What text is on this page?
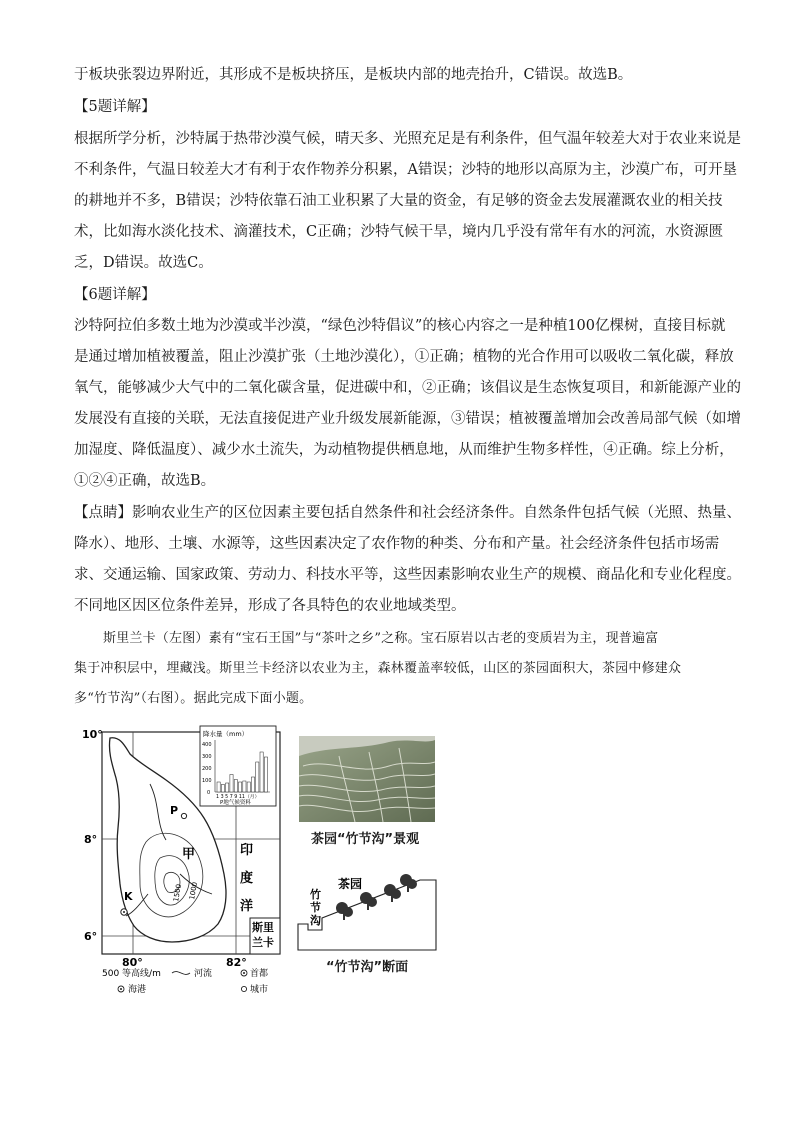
于板块张裂边界附近，其形成不是板块挤压，是板块内部的地壳抬升，C错误。故选B。
【5题详解】
根据所学分析，沙特属于热带沙漠气候，晴天多、光照充足是有利条件，但气温年较差大对于农业来说是
不利条件，气温日较差大才有利于农作物养分积累，A错误；沙特的地形以高原为主，沙漠广布，可开垦
的耕地并不多，B错误；沙特依靠石油工业积累了大量的资金，有足够的资金去发展灌溉农业的相关技
术，比如海水淡化技术、滴灌技术，C正确；沙特气候干旱，境内几乎没有常年有水的河流，水资源匮
乏，D错误。故选C。
【6题详解】
沙特阿拉伯多数土地为沙漠或半沙漠，“绿色沙特倡议”的核心内容之一是种植100亿棵树，直接目标就
是通过增加植被覆盖，阻止沙漠扩张（土地沙漠化），①正确；植物的光合作用可以吸收二氧化碳，释放
氧气，能够减少大气中的二氧化碳含量，促进碳中和，②正确；该倡议是生态恢复项目，和新能源产业的
发展没有直接的关联，无法直接促进产业升级发展新能源，③错误；植被覆盖增加会改善局部气候（如增
加湿度、降低温度）、减少水土流失，为动植物提供栖息地，从而维护生物多样性，④正确。综上分析，
①②④正确，故选B。
【点睛】影响农业生产的区位因素主要包括自然条件和社会经济条件。自然条件包括气候（光照、热量、
降水）、地形、土壤、水源等，这些因素决定了农作物的种类、分布和产量。社会经济条件包括市场需
求、交通运输、国家政策、劳动力、科技水平等，这些因素影响农业生产的规模、商品化和专业化程度。
不同地区因区位条件差异，形成了各具特色的农业地域类型。
斯里兰卡（左图）素有“宝石王国”与“茶叶之乡”之称。宝石原岩以古老的变质岩为主，现普遍富
集于冲积层中，埋藏浅。斯里兰卡经济以农业为主，森林覆盖率较低，山区的茶园面积大，茶园中修建众
多“竹节沟”（右图）。据此完成下面小题。
10°
8°
6°
80°	82°
P
K
甲
1500 1000
印
度
洋
斯里
兰卡
降水量（mm）
400
300
200
100
0
1 3 5 7 9 11（月）
P地气候资料
500 等高线/m	河流	首都
海港	城市
茶园“竹节沟”景观
茶园
竹
节
沟
“竹节沟”断面
